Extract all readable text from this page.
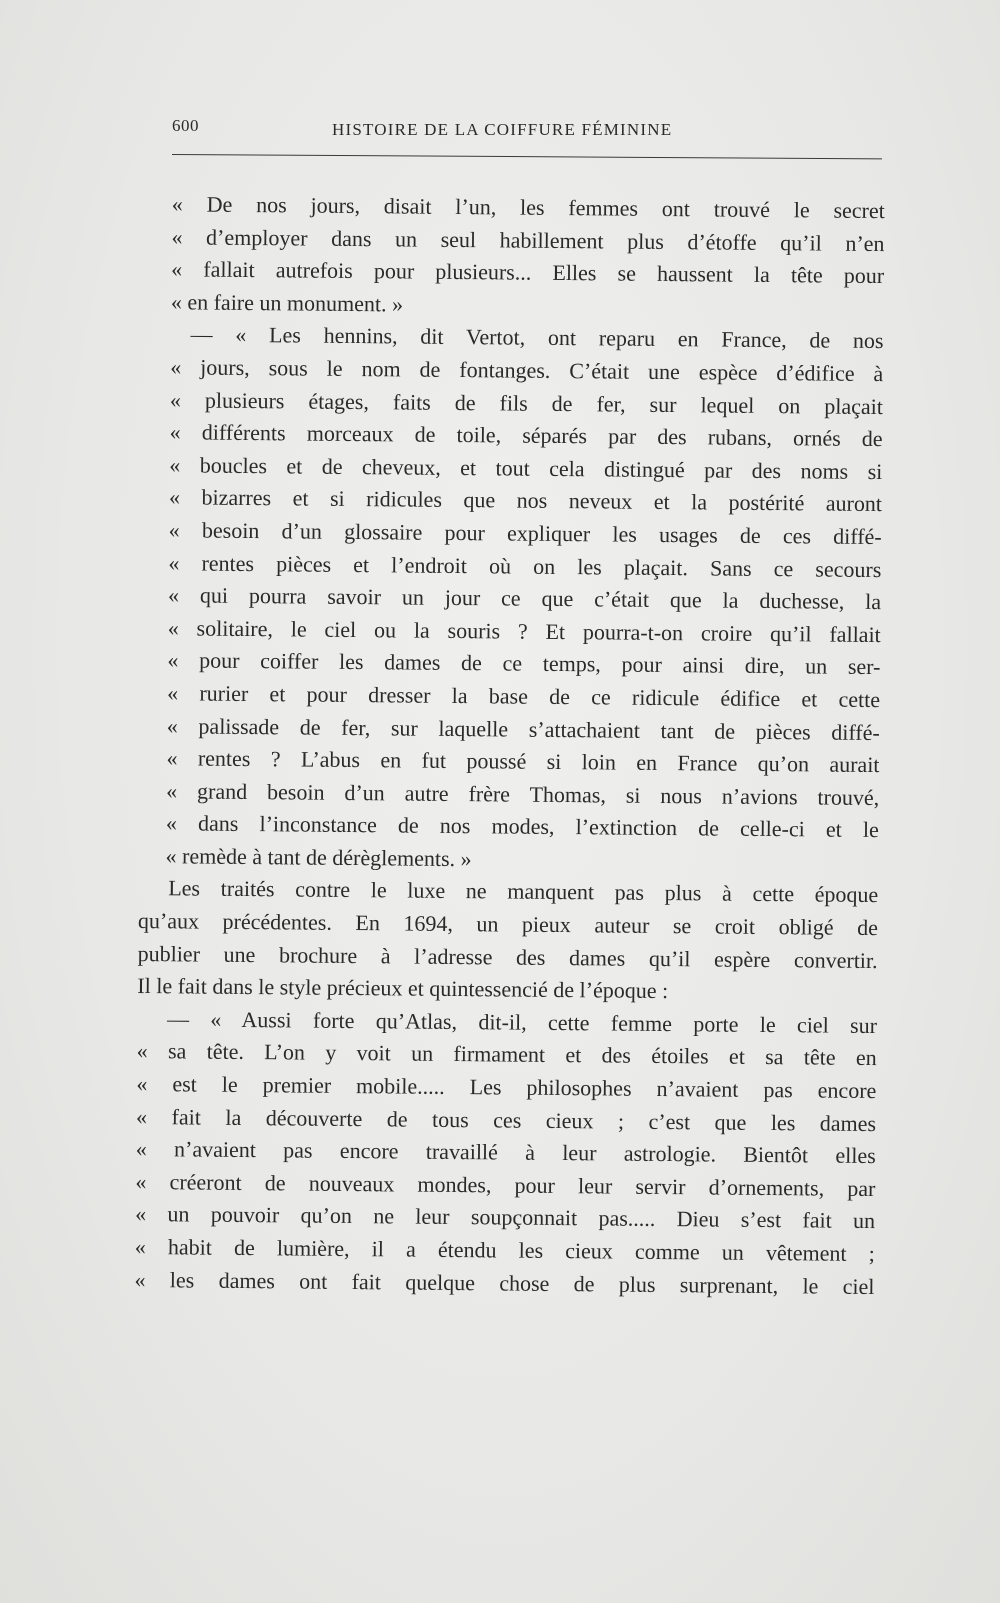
600	HISTOIRE DE LA COIFFURE FÉMININE
« De nos jours, disait l’un, les femmes ont trouvé le secret
« d’employer dans un seul habillement plus d’étoffe qu’il n’en
« fallait autrefois pour plusieurs... Elles se haussent la tête pour
« en faire un monument. »
— « Les hennins, dit Vertot, ont reparu en France, de nos
« jours, sous le nom de fontanges. C’était une espèce d’édifice à
« plusieurs étages, faits de fils de fer, sur lequel on plaçait
« différents morceaux de toile, séparés par des rubans, ornés de
« boucles et de cheveux, et tout cela distingué par des noms si
« bizarres et si ridicules que nos neveux et la postérité auront
« besoin d’un glossaire pour expliquer les usages de ces diffé-
« rentes pièces et l’endroit où on les plaçait. Sans ce secours
« qui pourra savoir un jour ce que c’était que la duchesse, la
« solitaire, le ciel ou la souris ? Et pourra-t-on croire qu’il fallait
« pour coiffer les dames de ce temps, pour ainsi dire, un ser-
« rurier et pour dresser la base de ce ridicule édifice et cette
« palissade de fer, sur laquelle s’attachaient tant de pièces diffé-
« rentes ? L’abus en fut poussé si loin en France qu’on aurait
« grand besoin d’un autre frère Thomas, si nous n’avions trouvé,
« dans l’inconstance de nos modes, l’extinction de celle-ci et le
« remède à tant de dérèglements. »
Les traités contre le luxe ne manquent pas plus à cette époque
qu’aux précédentes. En 1694, un pieux auteur se croit obligé de
publier une brochure à l’adresse des dames qu’il espère convertir.
Il le fait dans le style précieux et quintessencié de l’époque :
— « Aussi forte qu’Atlas, dit-il, cette femme porte le ciel sur
« sa tête. L’on y voit un firmament et des étoiles et sa tête en
« est le premier mobile..... Les philosophes n’avaient pas encore
« fait la découverte de tous ces cieux ; c’est que les dames
« n’avaient pas encore travaillé à leur astrologie. Bientôt elles
« créeront de nouveaux mondes, pour leur servir d’ornements, par
« un pouvoir qu’on ne leur soupçonnait pas..... Dieu s’est fait un
« habit de lumière, il a étendu les cieux comme un vêtement ;
« les dames ont fait quelque chose de plus surprenant, le ciel
